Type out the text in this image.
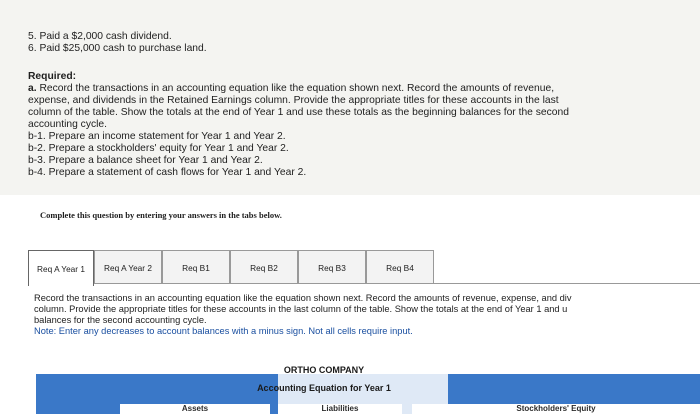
5. Paid a $2,000 cash dividend.
6. Paid $25,000 cash to purchase land.
Required:
a. Record the transactions in an accounting equation like the equation shown next. Record the amounts of revenue,
expense, and dividends in the Retained Earnings column. Provide the appropriate titles for these accounts in the last
column of the table. Show the totals at the end of Year 1 and use these totals as the beginning balances for the second
accounting cycle.
b-1. Prepare an income statement for Year 1 and Year 2.
b-2. Prepare a stockholders' equity for Year 1 and Year 2.
b-3. Prepare a balance sheet for Year 1 and Year 2.
b-4. Prepare a statement of cash flows for Year 1 and Year 2.
Complete this question by entering your answers in the tabs below.
Req A Year 1	Req A Year 2	Req B1	Req B2	Req B3	Req B4
Record the transactions in an accounting equation like the equation shown next. Record the amounts of revenue, expense, and div
column. Provide the appropriate titles for these accounts in the last column of the table. Show the totals at the end of Year 1 and u
balances for the second accounting cycle.
Note: Enter any decreases to account balances with a minus sign. Not all cells require input.
ORTHO COMPANY
Accounting Equation for Year 1
Assets	Liabilities	Stockholders' Equity
